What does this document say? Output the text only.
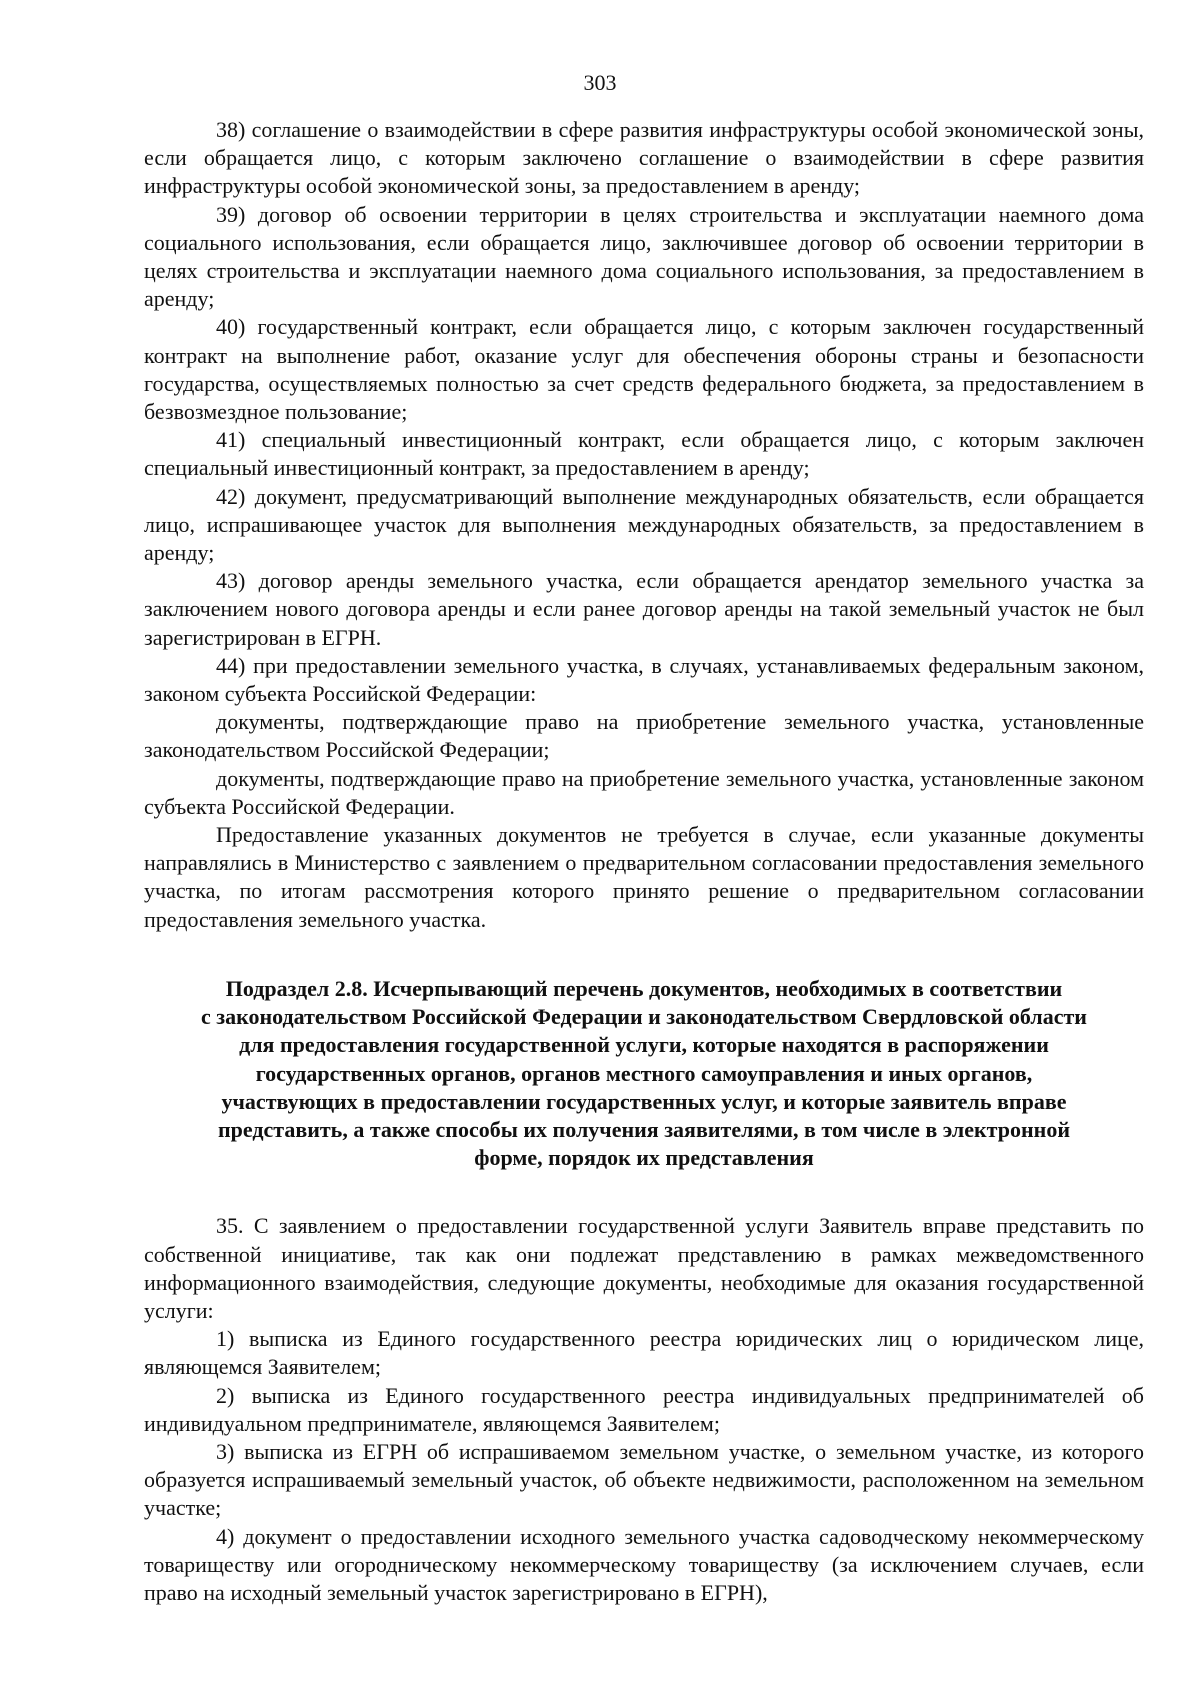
303

38) соглашение о взаимодействии в сфере развития инфраструктуры особой экономической зоны, если обращается лицо, с которым заключено соглашение о взаимодействии в сфере развития инфраструктуры особой экономической зоны, за предоставлением в аренду;

39) договор об освоении территории в целях строительства и эксплуатации наемного дома социального использования, если обращается лицо, заключившее договор об освоении территории в целях строительства и эксплуатации наемного дома социального использования, за предоставлением в аренду;

40) государственный контракт, если обращается лицо, с которым заключен государственный контракт на выполнение работ, оказание услуг для обеспечения обороны страны и безопасности государства, осуществляемых полностью за счет средств федерального бюджета, за предоставлением в безвозмездное пользование;

41) специальный инвестиционный контракт, если обращается лицо, с которым заключен специальный инвестиционный контракт, за предоставлением в аренду;

42) документ, предусматривающий выполнение международных обязательств, если обращается лицо, испрашивающее участок для выполнения международных обязательств, за предоставлением в аренду;

43) договор аренды земельного участка, если обращается арендатор земельного участка за заключением нового договора аренды и если ранее договор аренды на такой земельный участок не был зарегистрирован в ЕГРН.

44) при предоставлении земельного участка, в случаях, устанавливаемых федеральным законом, законом субъекта Российской Федерации:

документы, подтверждающие право на приобретение земельного участка, установленные законодательством Российской Федерации;

документы, подтверждающие право на приобретение земельного участка, установленные законом субъекта Российской Федерации.

Предоставление указанных документов не требуется в случае, если указанные документы направлялись в Министерство с заявлением о предварительном согласовании предоставления земельного участка, по итогам рассмотрения которого принято решение о предварительном согласовании предоставления земельного участка.

Подраздел 2.8. Исчерпывающий перечень документов, необходимых в соответствии
с законодательством Российской Федерации и законодательством Свердловской области
для предоставления государственной услуги, которые находятся в распоряжении
государственных органов, органов местного самоуправления и иных органов,
участвующих в предоставлении государственных услуг, и которые заявитель вправе
представить, а также способы их получения заявителями, в том числе в электронной
форме, порядок их представления

35. С заявлением о предоставлении государственной услуги Заявитель вправе представить по собственной инициативе, так как они подлежат представлению в рамках межведомственного информационного взаимодействия, следующие документы, необходимые для оказания государственной услуги:

1) выписка из Единого государственного реестра юридических лиц о юридическом лице, являющемся Заявителем;

2) выписка из Единого государственного реестра индивидуальных предпринимателей об индивидуальном предпринимателе, являющемся Заявителем;

3) выписка из ЕГРН об испрашиваемом земельном участке, о земельном участке, из которого образуется испрашиваемый земельный участок, об объекте недвижимости, расположенном на земельном участке;

4) документ о предоставлении исходного земельного участка садоводческому некоммерческому товариществу или огородническому некоммерческому товариществу (за исключением случаев, если право на исходный земельный участок зарегистрировано в ЕГРН),
